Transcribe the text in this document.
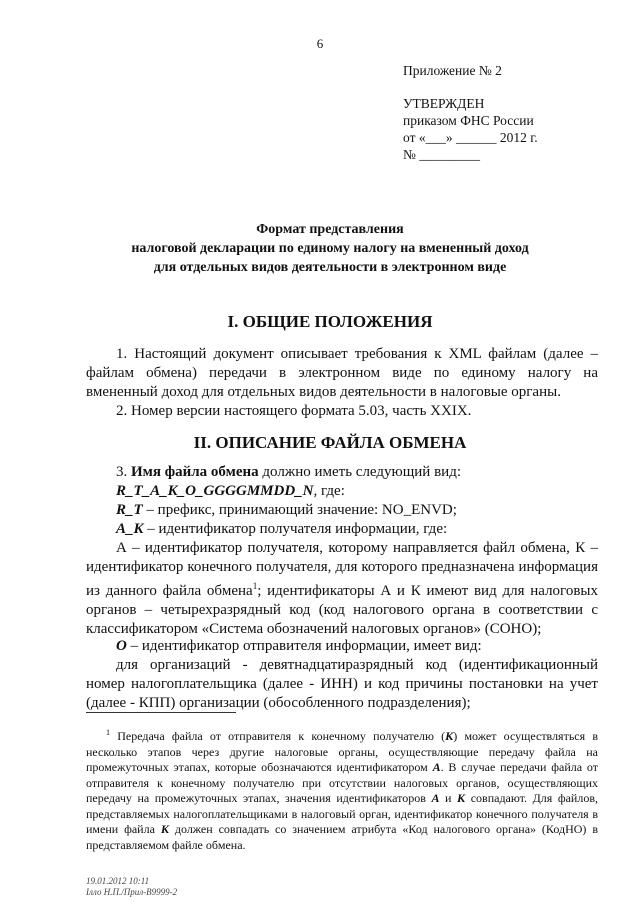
6
Приложение № 2
УТВЕРЖДЕН
приказом ФНС России
от «___» ______ 2012 г.
№ _________
Формат представления
налоговой декларации по единому налогу на вмененный доход
для отдельных видов деятельности в электронном виде
I. ОБЩИЕ ПОЛОЖЕНИЯ
1. Настоящий документ описывает требования к XML файлам (далее – файлам обмена) передачи в электронном виде по единому налогу на вмененный доход для отдельных видов деятельности в налоговые органы.
2. Номер версии настоящего формата 5.03, часть XXIX.
II. ОПИСАНИЕ ФАЙЛА ОБМЕНА
3. Имя файла обмена должно иметь следующий вид:
R_T_A_K_O_GGGGMMDD_N, где:
R_T – префикс, принимающий значение: NO_ENVD;
A_K – идентификатор получателя информации, где:
А – идентификатор получателя, которому направляется файл обмена, К – идентификатор конечного получателя, для которого предназначена информация из данного файла обмена$^1$; идентификаторы А и К имеют вид для налоговых органов – четырехразрядный код (код налогового органа в соответствии с классификатором «Система обозначений налоговых органов» (СОНО);
O – идентификатор отправителя информации, имеет вид:
для организаций - девятнадцатиразрядный код (идентификационный номер налогоплательщика (далее - ИНН) и код причины постановки на учет (далее - КПП) организации (обособленного подразделения);
$^1$ Передача файла от отправителя к конечному получателю (К) может осуществляться в несколько этапов через другие налоговые органы, осуществляющие передачу файла на промежуточных этапах, которые обозначаются идентификатором А. В случае передачи файла от отправителя к конечному получателю при отсутствии налоговых органов, осуществляющих передачу на промежуточных этапах, значения идентификаторов А и К совпадают. Для файлов, представляемых налогоплательщиками в налоговый орган, идентификатор конечного получателя в имени файла К должен совпадать со значением атрибута «Код налогового органа» (КодНО) в представляемом файле обмена.
19.01.2012 10:11
Ілло Н.П./Прил-В9999-2
